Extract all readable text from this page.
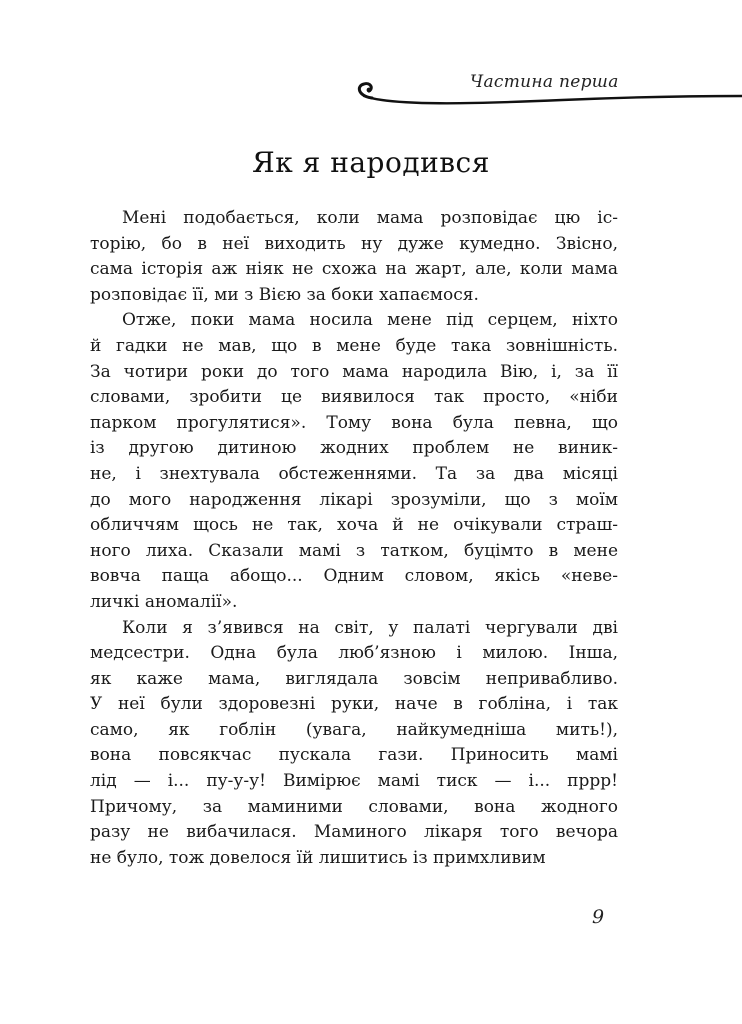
Частина перша
Як я народився
Мені подобається, коли мама розповідає цю іс-
торію, бо в неї виходить ну дуже кумедно. Звісно,
сама історія аж ніяк не схожа на жарт, але, коли мама
розповідає її, ми з Вією за боки хапаємося.
Отже, поки мама носила мене під серцем, ніхто
й гадки не мав, що в мене буде така зовнішність.
За чотири роки до того мама народила Вію, і, за її
словами, зробити це виявилося так просто, «ніби
парком прогулятися». Тому вона була певна, що
із другою дитиною жодних проблем не виник-
не, і знехтувала обстеженнями. Та за два місяці
до мого народження лікарі зрозуміли, що з моїм
обличчям щось не так, хоча й не очікували страш-
ного лиха. Сказали мамі з татком, буцімто в мене
вовча паща абощо... Одним словом, якісь «неве-
личкі аномалії».
Коли я з’явився на світ, у палаті чергували дві
медсестри. Одна була люб’язною і милою. Інша,
як каже мама, виглядала зовсім непривабливо.
У неї були здоровезні руки, наче в гобліна, і так
само, як гоблін (увага, найкумедніша мить!),
вона повсякчас пускала гази. Приносить мамі
лід — і... пу-у-у! Вимірює мамі тиск — і... пррр!
Причому, за маминими словами, вона жодного
разу не вибачилася. Маминого лікаря того вечора
не було, тож довелося їй лишитись із примхливим
9
